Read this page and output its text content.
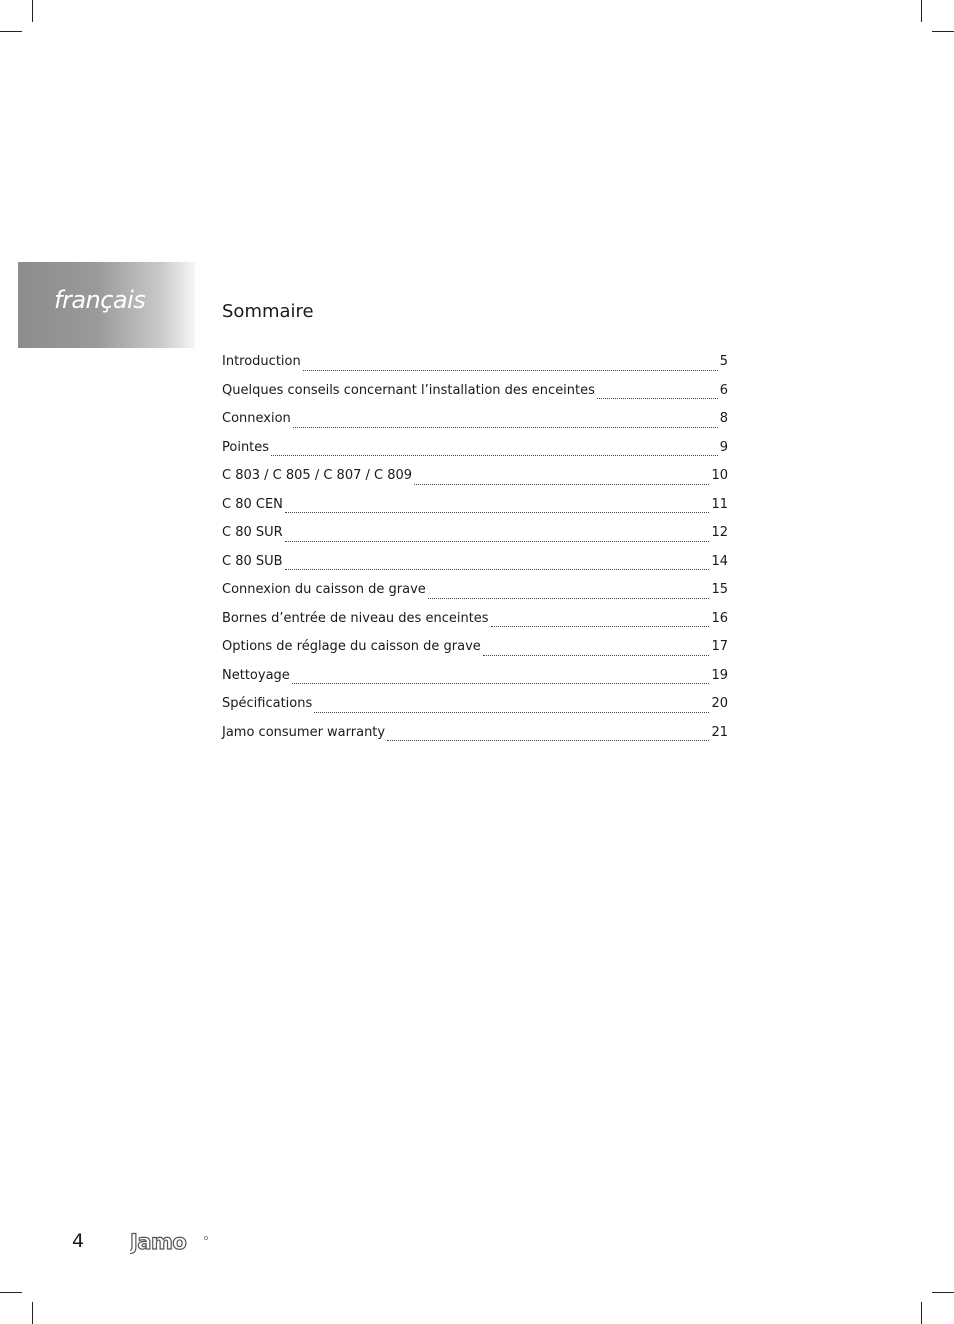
français	Sommaire
Introduction	5
Quelques conseils concernant l’installation des enceintes	6
Connexion	8
Pointes	9
C 803 / C 805 / C 807 / C 809	10
C 80 CEN	11
C 80 SUR	12
C 80 SUB	14
Connexion du caisson de grave	15
Bornes d’entrée de niveau des enceintes	16
Options de réglage du caisson de grave	17
Nettoyage	19
Spécifications	20
Jamo consumer warranty	21
4 Jamo
